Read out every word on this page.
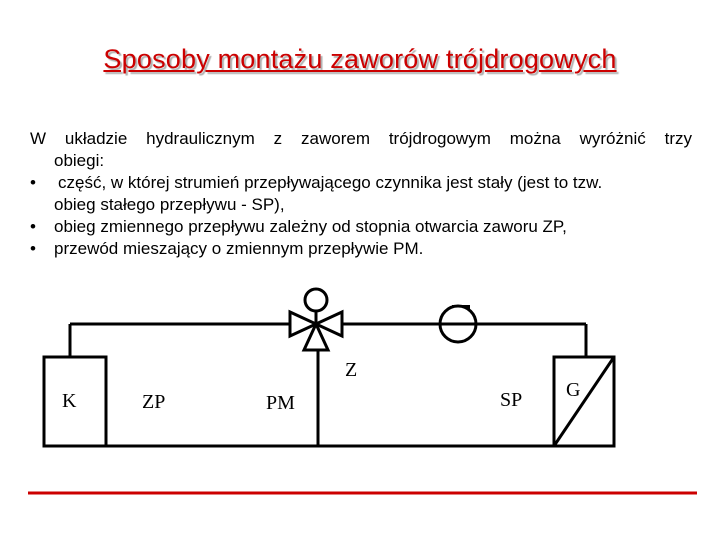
Sposoby montażu zaworów trójdrogowych
W układzie hydraulicznym z zaworem trójdrogowym można wyróżnić trzy
obiegi:
• część, w której strumień przepływającego czynnika jest stały (jest to tzw.
obieg stałego przepływu - SP),
• obieg zmiennego przepływu zależny od stopnia otwarcia zaworu ZP,
• przewód mieszający o zmiennym przepływie PM.
K	ZP	PM
Z
SP G
